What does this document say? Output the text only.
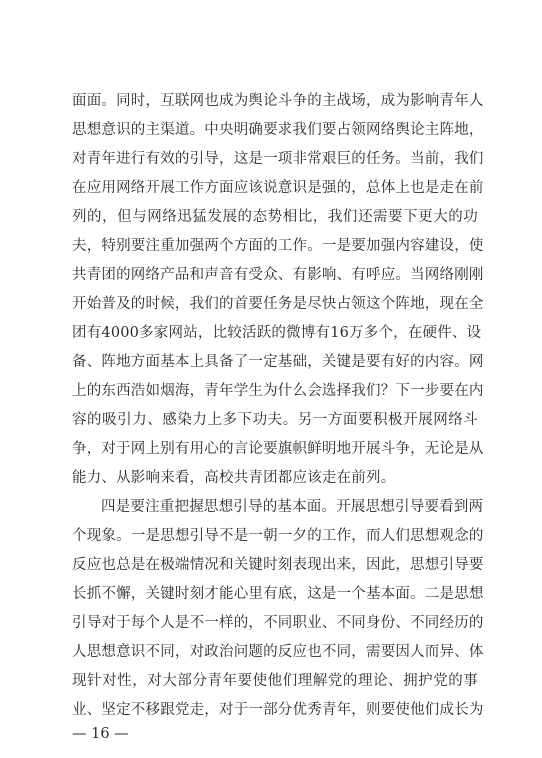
面面。同时，互联网也成为舆论斗争的主战场，成为影响青年人
思想意识的主渠道。中央明确要求我们要占领网络舆论主阵地，
对青年进行有效的引导，这是一项非常艰巨的任务。当前，我们
在应用网络开展工作方面应该说意识是强的，总体上也是走在前
列的，但与网络迅猛发展的态势相比，我们还需要下更大的功
夫，特别要注重加强两个方面的工作。一是要加强内容建设，使
共青团的网络产品和声音有受众、有影响、有呼应。当网络刚刚
开始普及的时候，我们的首要任务是尽快占领这个阵地，现在全
团有4000多家网站，比较活跃的微博有16万多个，在硬件、设
备、阵地方面基本上具备了一定基础，关键是要有好的内容。网
上的东西浩如烟海，青年学生为什么会选择我们？下一步要在内
容的吸引力、感染力上多下功夫。另一方面要积极开展网络斗
争，对于网上别有用心的言论要旗帜鲜明地开展斗争，无论是从
能力、从影响来看，高校共青团都应该走在前列。
四是要注重把握思想引导的基本面。开展思想引导要看到两
个现象。一是思想引导不是一朝一夕的工作，而人们思想观念的
反应也总是在极端情况和关键时刻表现出来，因此，思想引导要
长抓不懈，关键时刻才能心里有底，这是一个基本面。二是思想
引导对于每个人是不一样的，不同职业、不同身份、不同经历的
人思想意识不同，对政治问题的反应也不同，需要因人而异、体
现针对性，对大部分青年要使他们理解党的理论、拥护党的事
业、坚定不移跟党走，对于一部分优秀青年，则要使他们成长为
— 16 —
